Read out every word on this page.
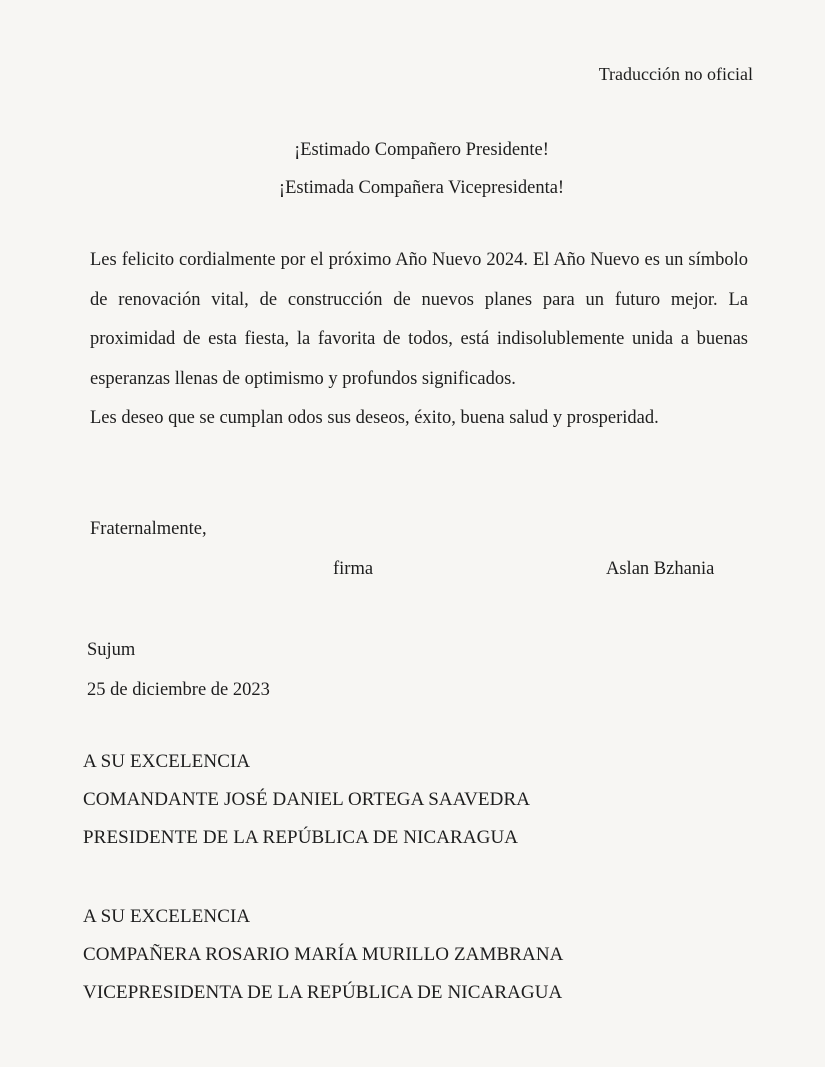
Traducción no oficial
¡Estimado Compañero Presidente!
¡Estimada Compañera Vicepresidenta!

Les felicito cordialmente por el próximo Año Nuevo 2024. El Año Nuevo es un símbolo de renovación vital, de construcción de nuevos planes para un futuro mejor. La proximidad de esta fiesta, la favorita de todos, está indisolublemente unida a buenas esperanzas llenas de optimismo y profundos significados.

Les deseo que se cumplan odos sus deseos, éxito, buena salud y prosperidad.

Fraternalmente,
firma	Aslan Bzhania
Sujum
25 de diciembre de 2023
A SU EXCELENCIA
COMANDANTE JOSÉ DANIEL ORTEGA SAAVEDRA
PRESIDENTE DE LA REPÚBLICA DE NICARAGUA
A SU EXCELENCIA
COMPAÑERA ROSARIO MARÍA MURILLO ZAMBRANA
VICEPRESIDENTA DE LA REPÚBLICA DE NICARAGUA
